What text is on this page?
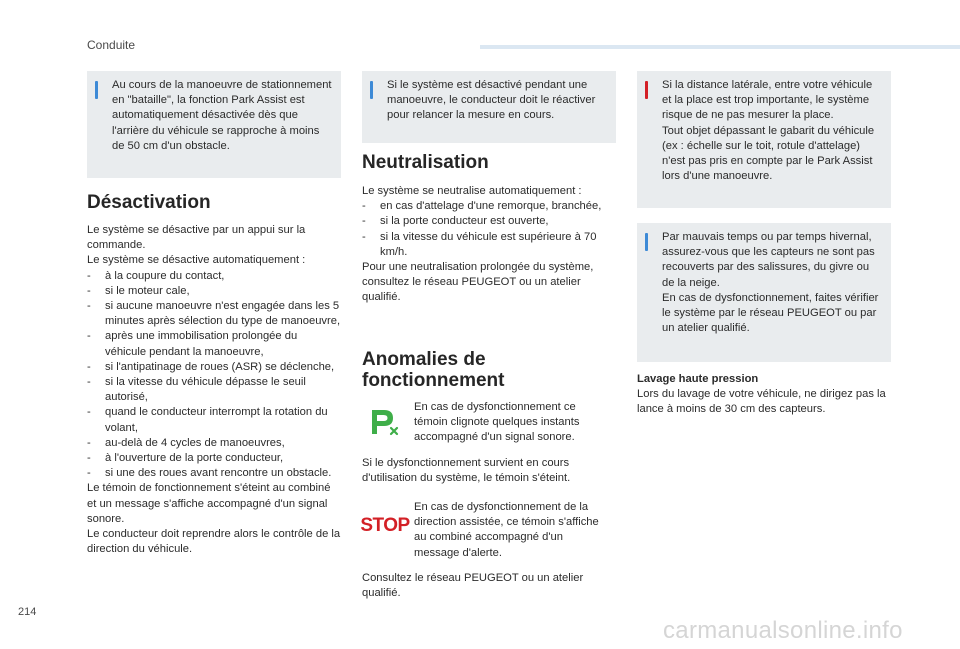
Conduite
214
carmanualsonline.info

Au cours de la manoeuvre de stationnement en "bataille", la fonction Park Assist est automatiquement désactivée dès que l'arrière du véhicule se rapproche à moins de 50 cm d'un obstacle.

Désactivation

Le système se désactive par un appui sur la commande.

Le système se désactive automatiquement :

- à la coupure du contact,
- si le moteur cale,
- si aucune manoeuvre n'est engagée dans les 5 minutes après sélection du type de manoeuvre,
- après une immobilisation prolongée du véhicule pendant la manoeuvre,
- si l'antipatinage de roues (ASR) se déclenche,
- si la vitesse du véhicule dépasse le seuil autorisé,
- quand le conducteur interrompt la rotation du volant,
- au-delà de 4 cycles de manoeuvres,
- à l'ouverture de la porte conducteur,
- si une des roues avant rencontre un obstacle.

Le témoin de fonctionnement s'éteint au combiné et un message s'affiche accompagné d'un signal sonore.

Le conducteur doit reprendre alors le contrôle de la direction du véhicule.

Si le système est désactivé pendant une manoeuvre, le conducteur doit le réactiver pour relancer la mesure en cours.

Neutralisation

Le système se neutralise automatiquement :

- en cas d'attelage d'une remorque, branchée,
- si la porte conducteur est ouverte,
- si la vitesse du véhicule est supérieure à 70 km/h.

Pour une neutralisation prolongée du système, consultez le réseau PEUGEOT ou un atelier qualifié.

Anomalies de
fonctionnement
En cas de dysfonctionnement ce témoin clignote quelques instants accompagné d'un signal sonore.
Si le dysfonctionnement survient en cours d'utilisation du système, le témoin s'éteint.
STOP
En cas de dysfonctionnement de la direction assistée, ce témoin s'affiche au combiné accompagné d'un message d'alerte.
Consultez le réseau PEUGEOT ou un atelier qualifié.

Si la distance latérale, entre votre véhicule et la place est trop importante, le système risque de ne pas mesurer la place.

Tout objet dépassant le gabarit du véhicule (ex : échelle sur le toit, rotule d'attelage) n'est pas pris en compte par le Park Assist lors d'une manoeuvre.

Par mauvais temps ou par temps hivernal, assurez-vous que les capteurs ne sont pas recouverts par des salissures, du givre ou de la neige.

En cas de dysfonctionnement, faites vérifier le système par le réseau PEUGEOT ou par un atelier qualifié.

Lavage haute pression

Lors du lavage de votre véhicule, ne dirigez pas la lance à moins de 30 cm des capteurs.
